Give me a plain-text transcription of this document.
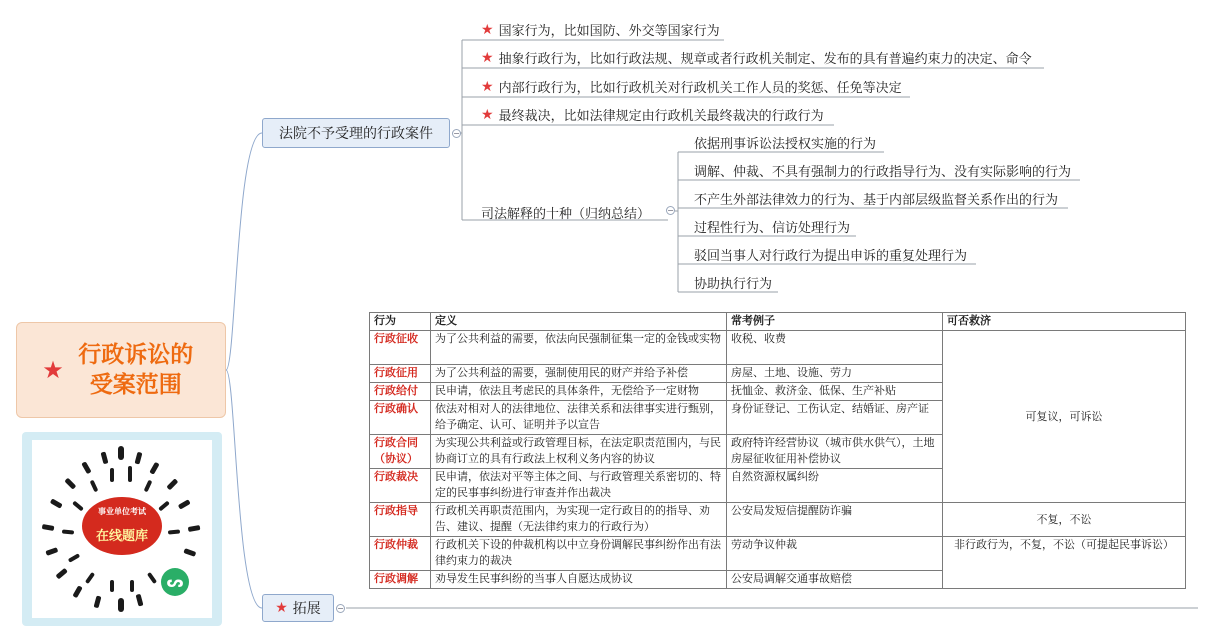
★
行政诉讼的受案范围
法院不予受理的行政案件	−
★ 国家行为，比如国防、外交等国家行为
★ 抽象行政行为，比如行政法规、规章或者行政机关制定、发布的具有普遍约束力的决定、命令
★ 内部行政行为，比如行政机关对行政机关工作人员的奖惩、任免等决定
★ 最终裁决，比如法律规定由行政机关最终裁决的行政行为
司法解释的十种（归纳总结） −
依据刑事诉讼法授权实施的行为
调解、仲裁、不具有强制力的行政指导行为、没有实际影响的行为
不产生外部法律效力的行为、基于内部层级监督关系作出的行为
过程性行为、信访处理行为
驳回当事人对行政行为提出申诉的重复处理行为
协助执行行为
★ 拓展 −
行为	定义	常考例子	可否救济
行政征收	为了公共利益的需要，依法向民强制征集一定的金钱或实物	收税、收费	可复议，可诉讼
行政征用	为了公共利益的需要，强制使用民的财产并给予补偿	房屋、土地、设施、劳力	
行政给付	民申请，依法且考虑民的具体条件，无偿给予一定财物	抚恤金、救济金、低保、生产补贴	
行政确认	依法对相对人的法律地位、法律关系和法律事实进行甄别，给予确定、认可、证明并予以宣告	身份证登记、工伤认定、结婚证、房产证	
行政合同（协议）	为实现公共利益或行政管理目标，在法定职责范围内，与民协商订立的具有行政法上权利义务内容的协议	政府特许经营协议（城市供水供气），土地房屋征收征用补偿协议	
行政裁决	民申请，依法对平等主体之间、与行政管理关系密切的、特定的民事事纠纷进行审查并作出裁决	自然资源权属纠纷	
行政指导	行政机关再职责范围内，为实现一定行政目的的指导、劝告、建议、提醒（无法律约束力的行政行为）	公安局发短信提醒防诈骗	不复，不讼
行政仲裁	行政机关下设的仲裁机构以中立身份调解民事纠纷作出有法律约束力的裁决	劳动争议仲裁	非行政行为，不复，不讼（可提起民事诉讼）
行政调解	劝导发生民事纠纷的当事人自愿达成协议	公安局调解交通事故赔偿	
事业单位考试
在线题库
ᔕ
